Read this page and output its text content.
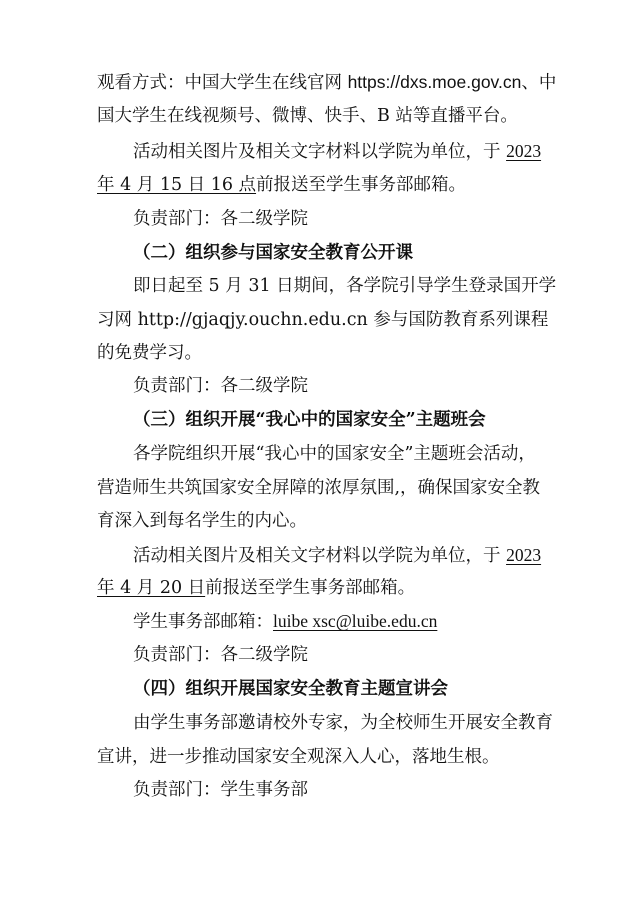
观看方式：中国大学生在线官网 https://dxs.moe.gov.cn、中
国大学生在线视频号、微博、快手、B 站等直播平台。
活动相关图片及相关文字材料以学院为单位，于 2023
年 4 月 15 日 16 点前报送至学生事务部邮箱。
负责部门：各二级学院
（二）组织参与国家安全教育公开课
即日起至 5 月 31 日期间，各学院引导学生登录国开学
习网 http://gjaqjy.ouchn.edu.cn 参与国防教育系列课程
的免费学习。
负责部门：各二级学院
（三）组织开展“我心中的国家安全”主题班会
各学院组织开展“我心中的国家安全”主题班会活动，
营造师生共筑国家安全屏障的浓厚氛围,，确保国家安全教
育深入到每名学生的内心。
活动相关图片及相关文字材料以学院为单位，于 2023
年 4 月 20 日前报送至学生事务部邮箱。
学生事务部邮箱：luibe xsc@luibe.edu.cn
负责部门：各二级学院
（四）组织开展国家安全教育主题宣讲会
由学生事务部邀请校外专家，为全校师生开展安全教育
宣讲，进一步推动国家安全观深入人心，落地生根。
负责部门：学生事务部
